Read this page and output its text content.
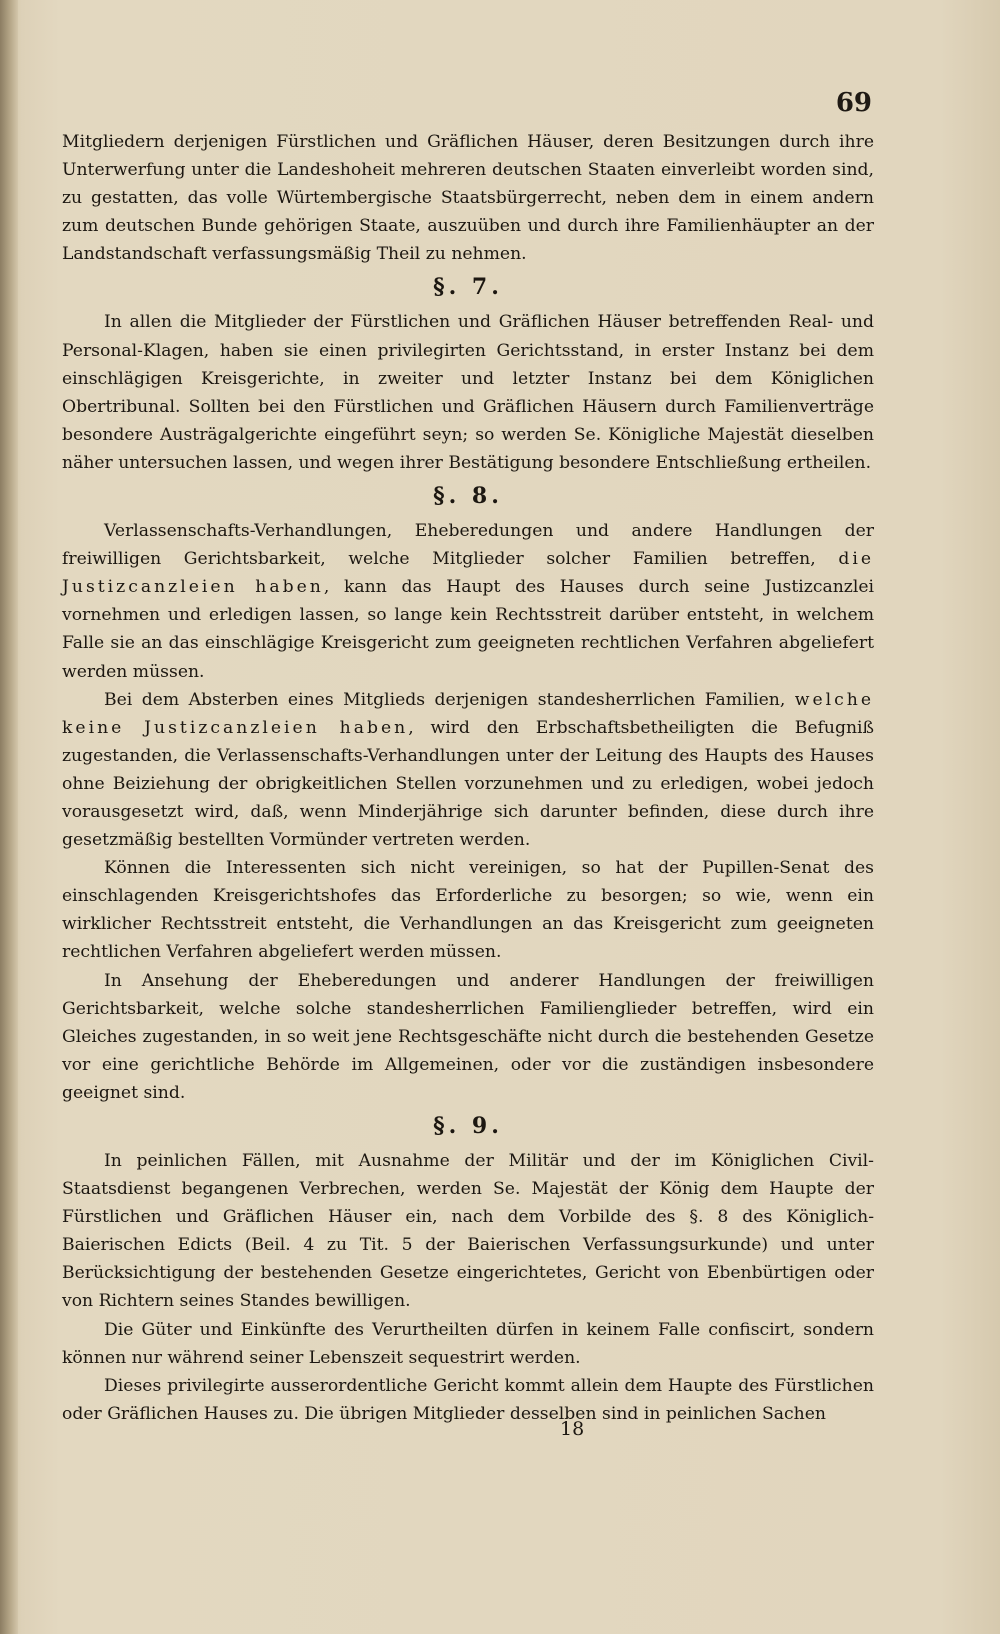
69

Mitgliedern derjenigen Fürstlichen und Gräflichen Häuser, deren Besitzungen durch ihre Unterwerfung unter die Landeshoheit mehreren deutschen Staaten einverleibt worden sind, zu gestatten, das volle Würtembergische Staatsbürgerrecht, neben dem in einem andern zum deutschen Bunde gehörigen Staate, auszuüben und durch ihre Familienhäupter an der Landstandschaft verfassungsmäßig Theil zu nehmen.

§. 7.

In allen die Mitglieder der Fürstlichen und Gräflichen Häuser betreffenden Real- und Personal-Klagen, haben sie einen privilegirten Gerichtsstand, in erster Instanz bei dem einschlägigen Kreisgerichte, in zweiter und letzter Instanz bei dem Königlichen Obertribunal. Sollten bei den Fürstlichen und Gräflichen Häusern durch Familienverträge besondere Austrägalgerichte eingeführt seyn; so werden Se. Königliche Majestät dieselben näher untersuchen lassen, und wegen ihrer Bestätigung besondere Entschließung ertheilen.

§. 8.

Verlassenschafts-Verhandlungen, Eheberedungen und andere Handlungen der freiwilligen Gerichtsbarkeit, welche Mitglieder solcher Familien betreffen, die Justizcanzleien haben, kann das Haupt des Hauses durch seine Justizcanzlei vornehmen und erledigen lassen, so lange kein Rechtsstreit darüber entsteht, in welchem Falle sie an das einschlägige Kreisgericht zum geeigneten rechtlichen Verfahren abgeliefert werden müssen.

Bei dem Absterben eines Mitglieds derjenigen standesherrlichen Familien, welche keine Justizcanzleien haben, wird den Erbschaftsbetheiligten die Befugniß zugestanden, die Verlassenschafts-Verhandlungen unter der Leitung des Haupts des Hauses ohne Beiziehung der obrigkeitlichen Stellen vorzunehmen und zu erledigen, wobei jedoch vorausgesetzt wird, daß, wenn Minderjährige sich darunter befinden, diese durch ihre gesetzmäßig bestellten Vormünder vertreten werden.

Können die Interessenten sich nicht vereinigen, so hat der Pupillen-Senat des einschlagenden Kreisgerichtshofes das Erforderliche zu besorgen; so wie, wenn ein wirklicher Rechtsstreit entsteht, die Verhandlungen an das Kreisgericht zum geeigneten rechtlichen Verfahren abgeliefert werden müssen.

In Ansehung der Eheberedungen und anderer Handlungen der freiwilligen Gerichtsbarkeit, welche solche standesherrlichen Familienglieder betreffen, wird ein Gleiches zugestanden, in so weit jene Rechtsgeschäfte nicht durch die bestehenden Gesetze vor eine gerichtliche Behörde im Allgemeinen, oder vor die zuständigen insbesondere geeignet sind.

§. 9.

In peinlichen Fällen, mit Ausnahme der Militär und der im Königlichen Civil-Staatsdienst begangenen Verbrechen, werden Se. Majestät der König dem Haupte der Fürstlichen und Gräflichen Häuser ein, nach dem Vorbilde des §. 8 des Königlich-Baierischen Edicts (Beil. 4 zu Tit. 5 der Baierischen Verfassungsurkunde) und unter Berücksichtigung der bestehenden Gesetze eingerichtetes, Gericht von Ebenbürtigen oder von Richtern seines Standes bewilligen.

Die Güter und Einkünfte des Verurtheilten dürfen in keinem Falle confiscirt, sondern können nur während seiner Lebenszeit sequestrirt werden.

Dieses privilegirte ausserordentliche Gericht kommt allein dem Haupte des Fürstlichen oder Gräflichen Hauses zu. Die übrigen Mitglieder desselben sind in peinlichen Sachen

18
